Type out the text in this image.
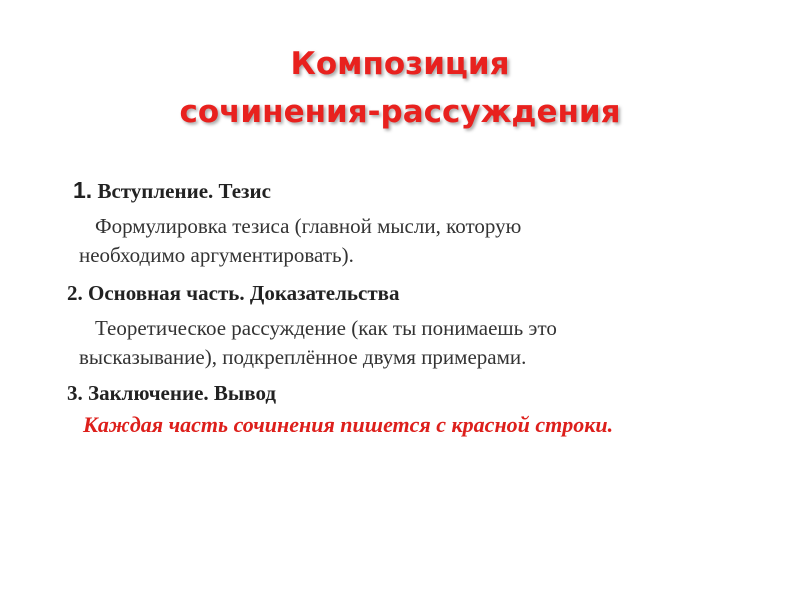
Композиция
сочинения-рассуждения

1. Вступление. Тезис

Формулировка тезиса (главной мысли, которую

необходимо аргументировать).

2. Основная часть. Доказательства

Теоретическое рассуждение (как ты понимаешь это

высказывание), подкреплённое двумя примерами.

3. Заключение. Вывод

Каждая часть сочинения пишется с красной строки.
